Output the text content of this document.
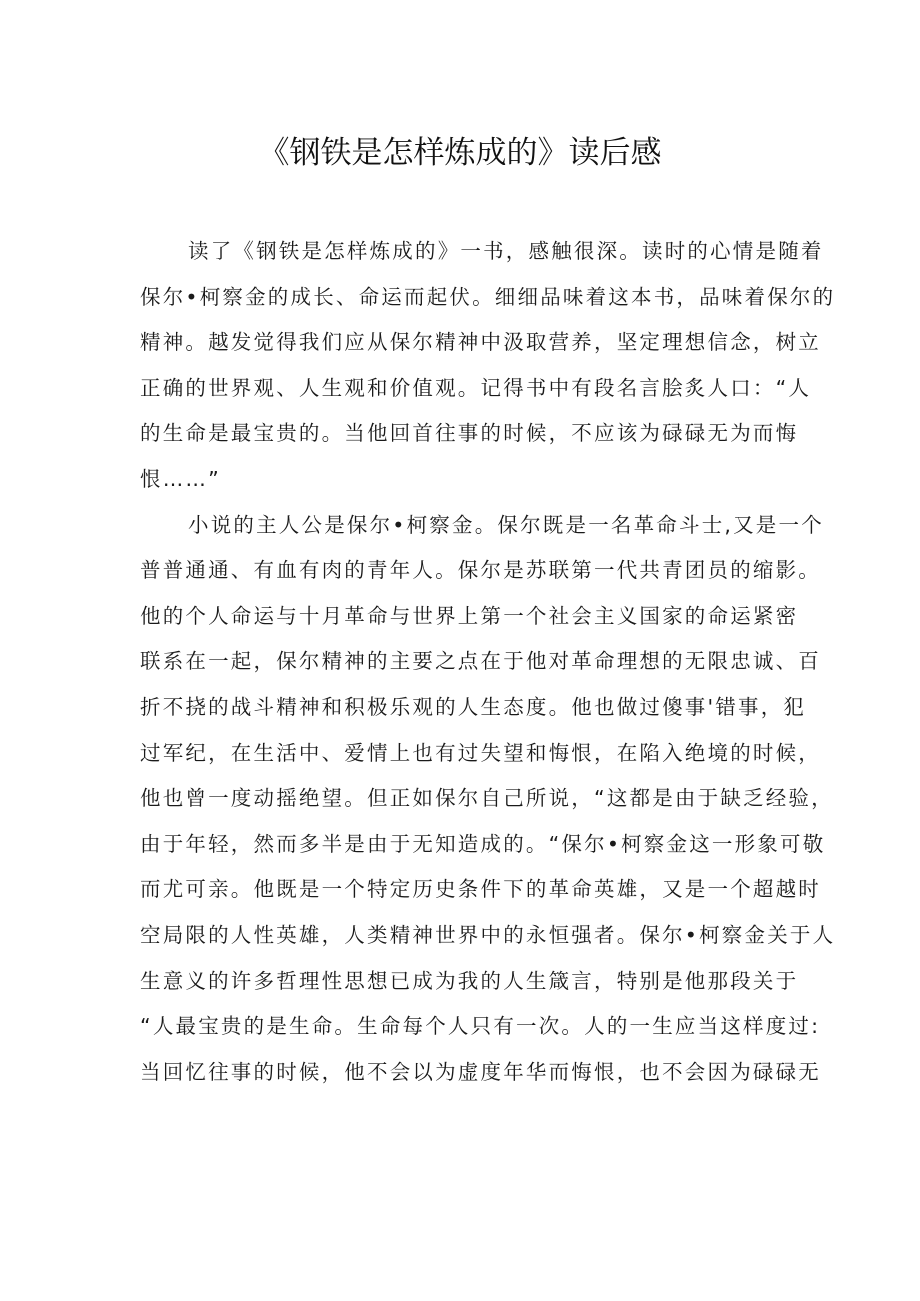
《钢铁是怎样炼成的》读后感
读了《钢铁是怎样炼成的》一书，感触很深。读时的心情是随着
保尔•柯察金的成长、命运而起伏。细细品味着这本书，品味着保尔的
精神。越发觉得我们应从保尔精神中汲取营养，坚定理想信念，树立
正确的世界观、人生观和价值观。记得书中有段名言脍炙人口：“人
的生命是最宝贵的。当他回首往事的时候，不应该为碌碌无为而悔
恨……”
小说的主人公是保尔•柯察金。保尔既是一名革命斗士,又是一个
普普通通、有血有肉的青年人。保尔是苏联第一代共青团员的缩影。
他的个人命运与十月革命与世界上第一个社会主义国家的命运紧密
联系在一起，保尔精神的主要之点在于他对革命理想的无限忠诚、百
折不挠的战斗精神和积极乐观的人生态度。他也做过傻事'错事，犯
过军纪，在生活中、爱情上也有过失望和悔恨，在陷入绝境的时候，
他也曾一度动摇绝望。但正如保尔自己所说，“这都是由于缺乏经验，
由于年轻，然而多半是由于无知造成的。“保尔•柯察金这一形象可敬
而尤可亲。他既是一个特定历史条件下的革命英雄，又是一个超越时
空局限的人性英雄，人类精神世界中的永恒强者。保尔•柯察金关于人
生意义的许多哲理性思想已成为我的人生箴言，特别是他那段关于
“人最宝贵的是生命。生命每个人只有一次。人的一生应当这样度过:
当回忆往事的时候，他不会以为虚度年华而悔恨，也不会因为碌碌无
